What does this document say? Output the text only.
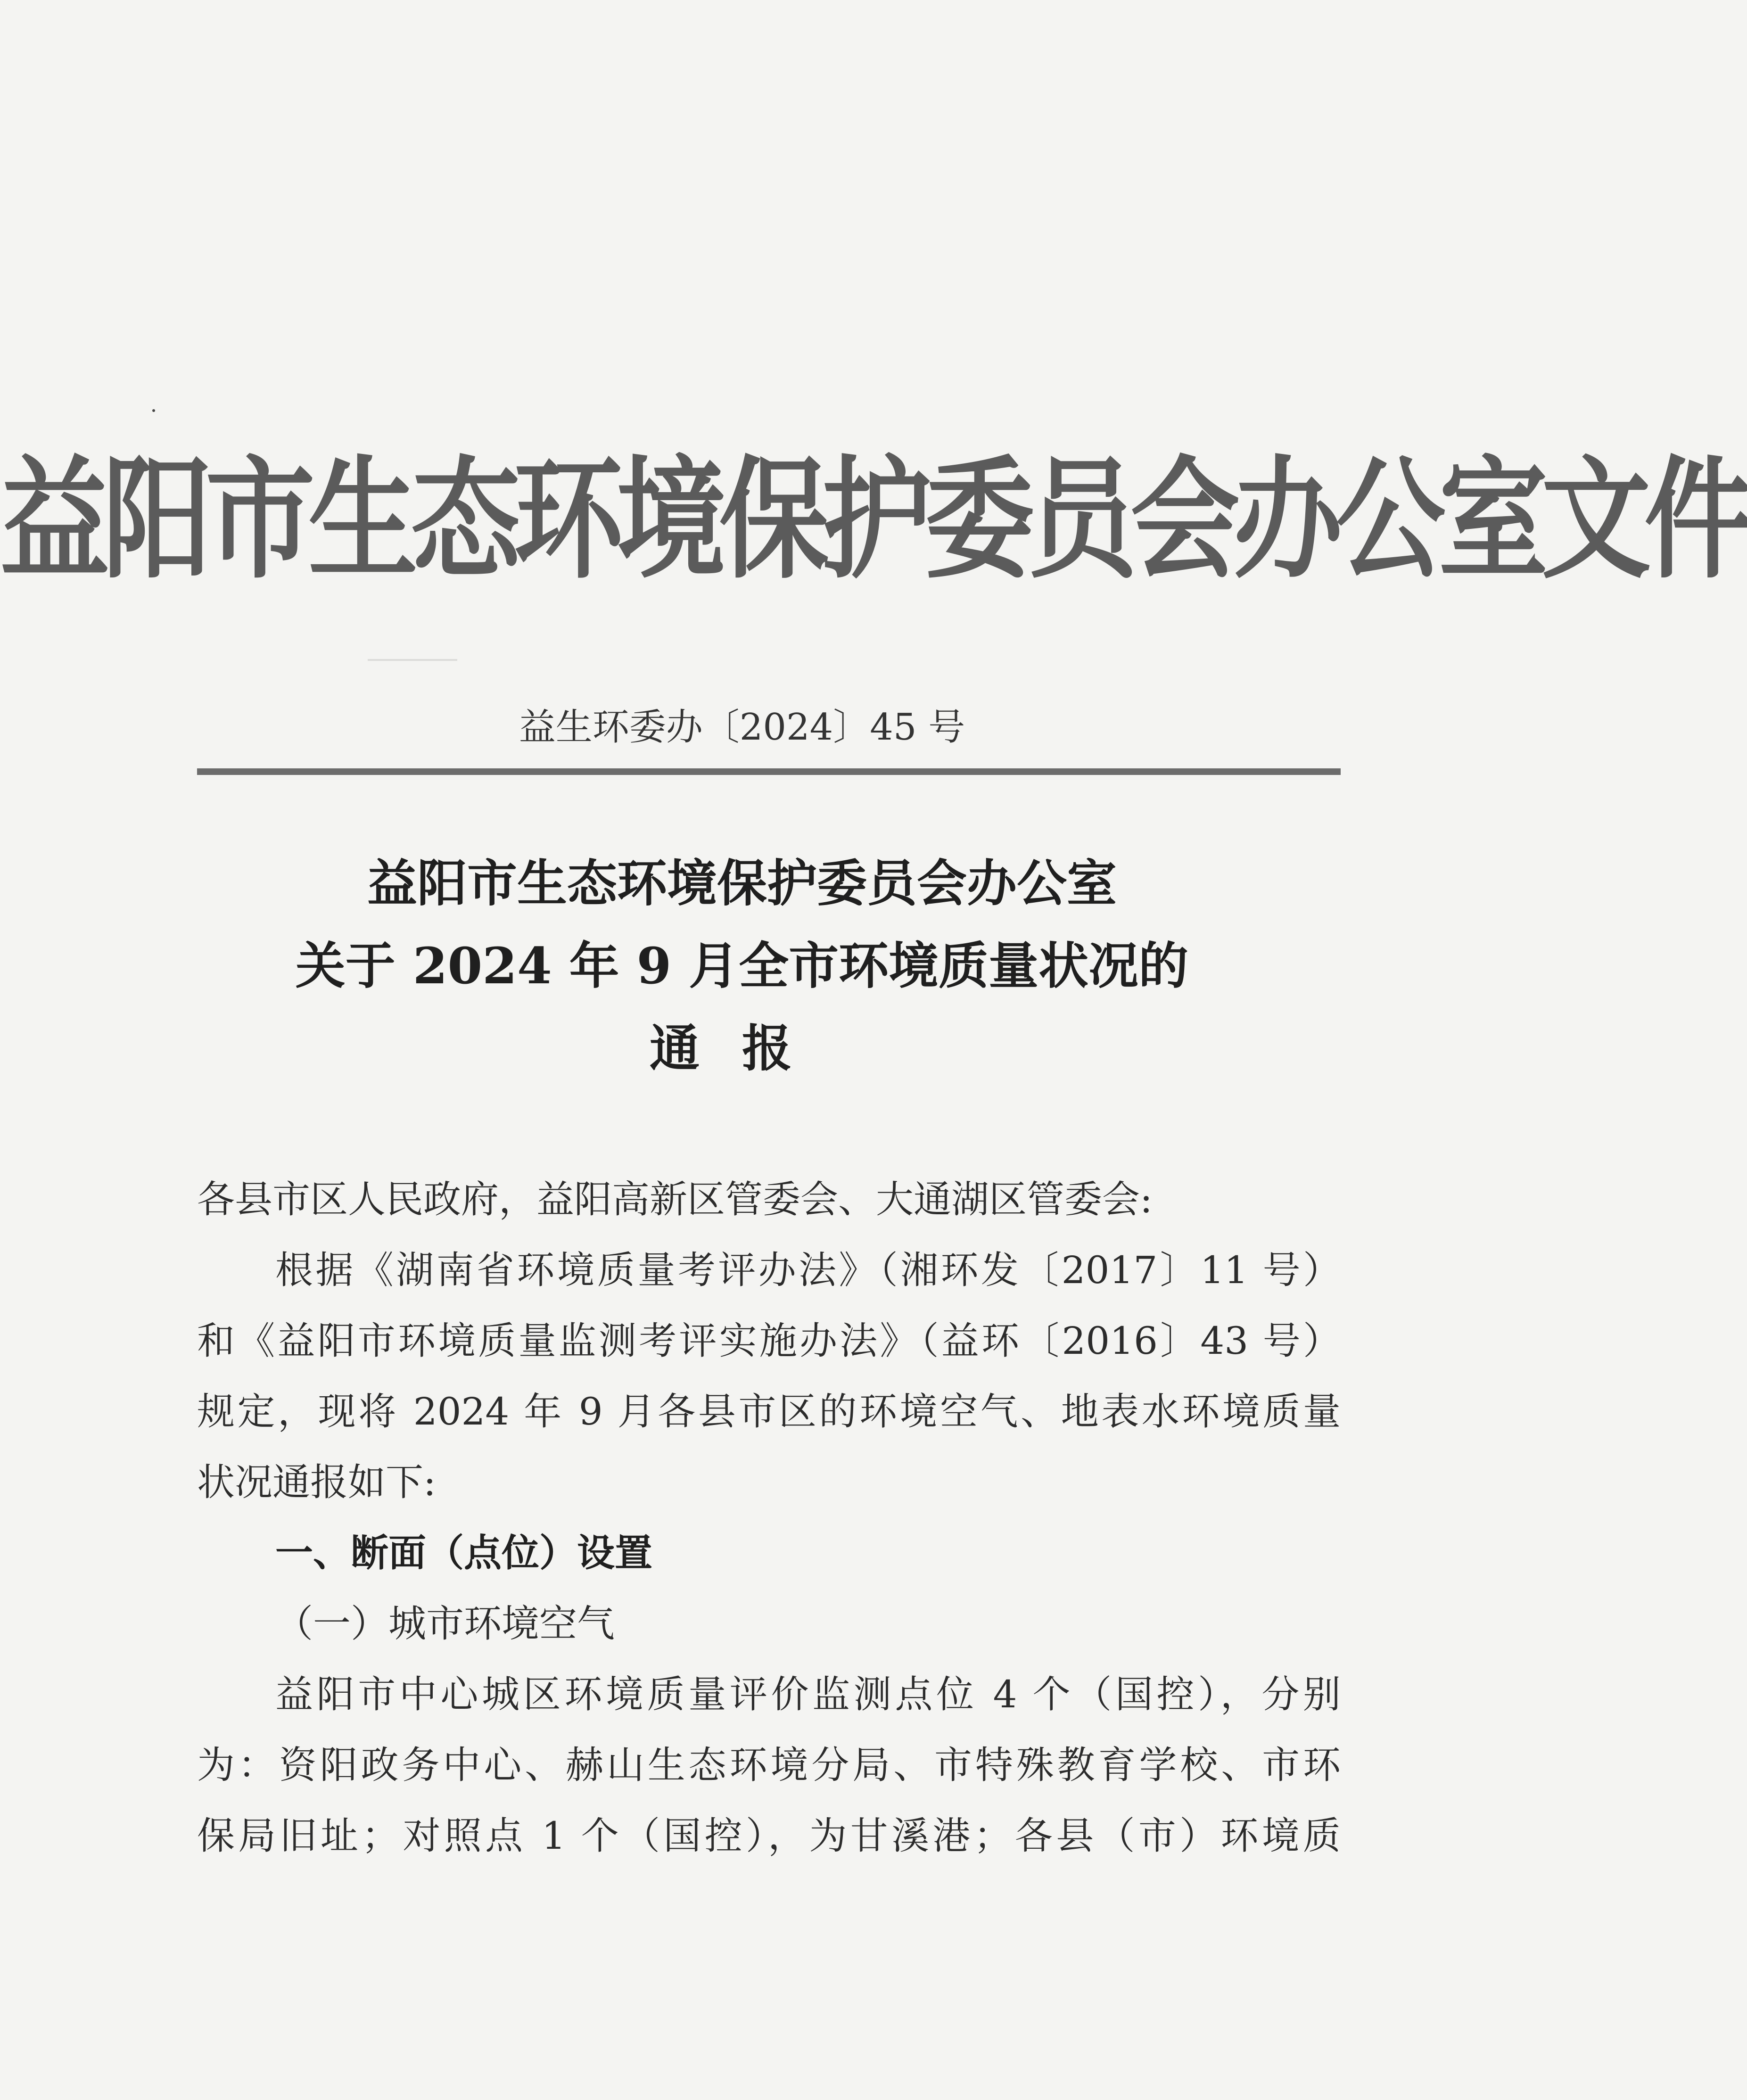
益阳市生态环境保护委员会办公室文件
益生环委办〔2024〕45 号
益阳市生态环境保护委员会办公室
关于 2024 年 9 月全市环境质量状况的
通报
各县市区人民政府，益阳高新区管委会、大通湖区管委会:
根据《湖南省环境质量考评办法》（湘环发〔2017〕11 号）
和《益阳市环境质量监测考评实施办法》（益环〔2016〕43 号）
规定，现将 2024 年 9 月各县市区的环境空气、地表水环境质量
状况通报如下:
一、断面（点位）设置
（一）城市环境空气
益阳市中心城区环境质量评价监测点位 4 个（国控），分别
为：资阳政务中心、赫山生态环境分局、市特殊教育学校、市环
保局旧址；对照点 1 个（国控），为甘溪港；各县（市）环境质
